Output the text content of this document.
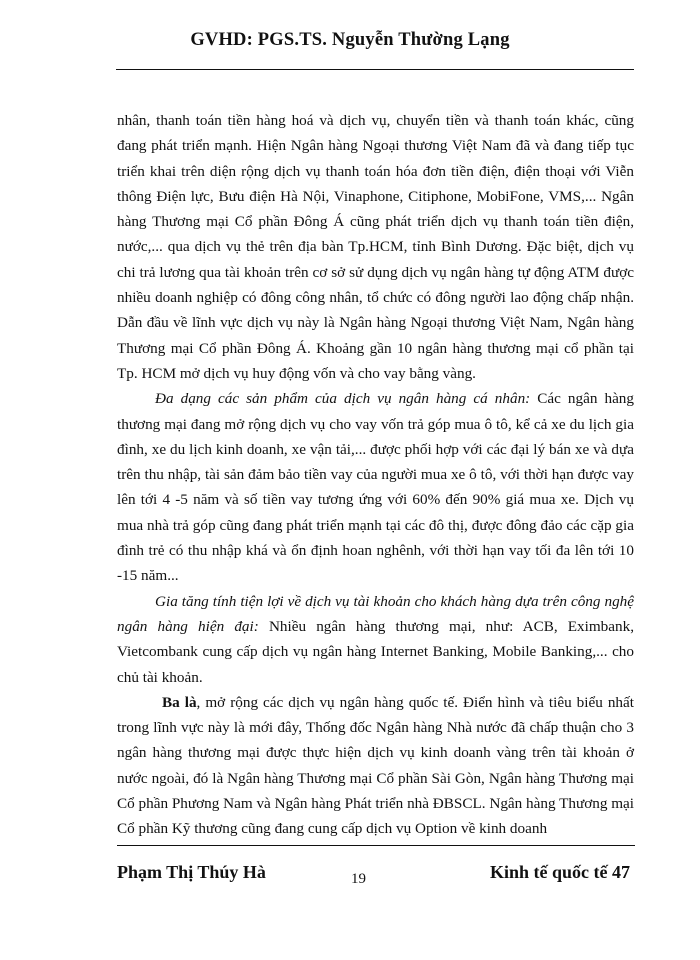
GVHD: PGS.TS. Nguyễn Thường Lạng

nhân, thanh toán tiền hàng hoá và dịch vụ, chuyển tiền và thanh toán khác, cũng đang phát triển mạnh. Hiện Ngân hàng Ngoại thương Việt Nam đã và đang tiếp tục triển khai trên diện rộng dịch vụ thanh toán hóa đơn tiền điện, điện thoại với Viễn thông Điện lực, Bưu điện Hà Nội, Vinaphone, Citiphone, MobiFone, VMS,... Ngân hàng Thương mại Cổ phần Đông Á cũng phát triển dịch vụ thanh toán tiền điện, nước,... qua dịch vụ thẻ trên địa bàn Tp.HCM, tỉnh Bình Dương. Đặc biệt, dịch vụ chi trả lương qua tài khoản trên cơ sở sử dụng dịch vụ ngân hàng tự động ATM được nhiều doanh nghiệp có đông công nhân, tổ chức có đông người lao động chấp nhận. Dẫn đầu về lĩnh vực dịch vụ này là Ngân hàng Ngoại thương Việt Nam, Ngân hàng Thương mại Cổ phần Đông Á. Khoảng gần 10 ngân hàng thương mại cổ phần tại Tp. HCM mở dịch vụ huy động vốn và cho vay bằng vàng.

Đa dạng các sản phẩm của dịch vụ ngân hàng cá nhân: Các ngân hàng thương mại đang mở rộng dịch vụ cho vay vốn trả góp mua ô tô, kể cả xe du lịch gia đình, xe du lịch kinh doanh, xe vận tải,... được phối hợp với các đại lý bán xe và dựa trên thu nhập, tài sản đảm bảo tiền vay của người mua xe ô tô, với thời hạn được vay lên tới 4 -5 năm và số tiền vay tương ứng với 60% đến 90% giá mua xe. Dịch vụ mua nhà trả góp cũng đang phát triển mạnh tại các đô thị, được đông đảo các cặp gia đình trẻ có thu nhập khá và ổn định hoan nghênh, với thời hạn vay tối đa lên tới 10 -15 năm...

Gia tăng tính tiện lợi về dịch vụ tài khoản cho khách hàng dựa trên công nghệ ngân hàng hiện đại: Nhiều ngân hàng thương mại, như: ACB, Eximbank, Vietcombank cung cấp dịch vụ ngân hàng Internet Banking, Mobile Banking,... cho chủ tài khoản.

Ba là, mở rộng các dịch vụ ngân hàng quốc tế. Điển hình và tiêu biểu nhất trong lĩnh vực này là mới đây, Thống đốc Ngân hàng Nhà nước đã chấp thuận cho 3 ngân hàng thương mại được thực hiện dịch vụ kinh doanh vàng trên tài khoản ở nước ngoài, đó là Ngân hàng Thương mại Cổ phần Sài Gòn, Ngân hàng Thương mại Cổ phần Phương Nam và Ngân hàng Phát triển nhà ĐBSCL. Ngân hàng Thương mại Cổ phần Kỹ thương cũng đang cung cấp dịch vụ Option về kinh doanh

Phạm Thị Thúy Hà	19	Kinh tế quốc tế 47
